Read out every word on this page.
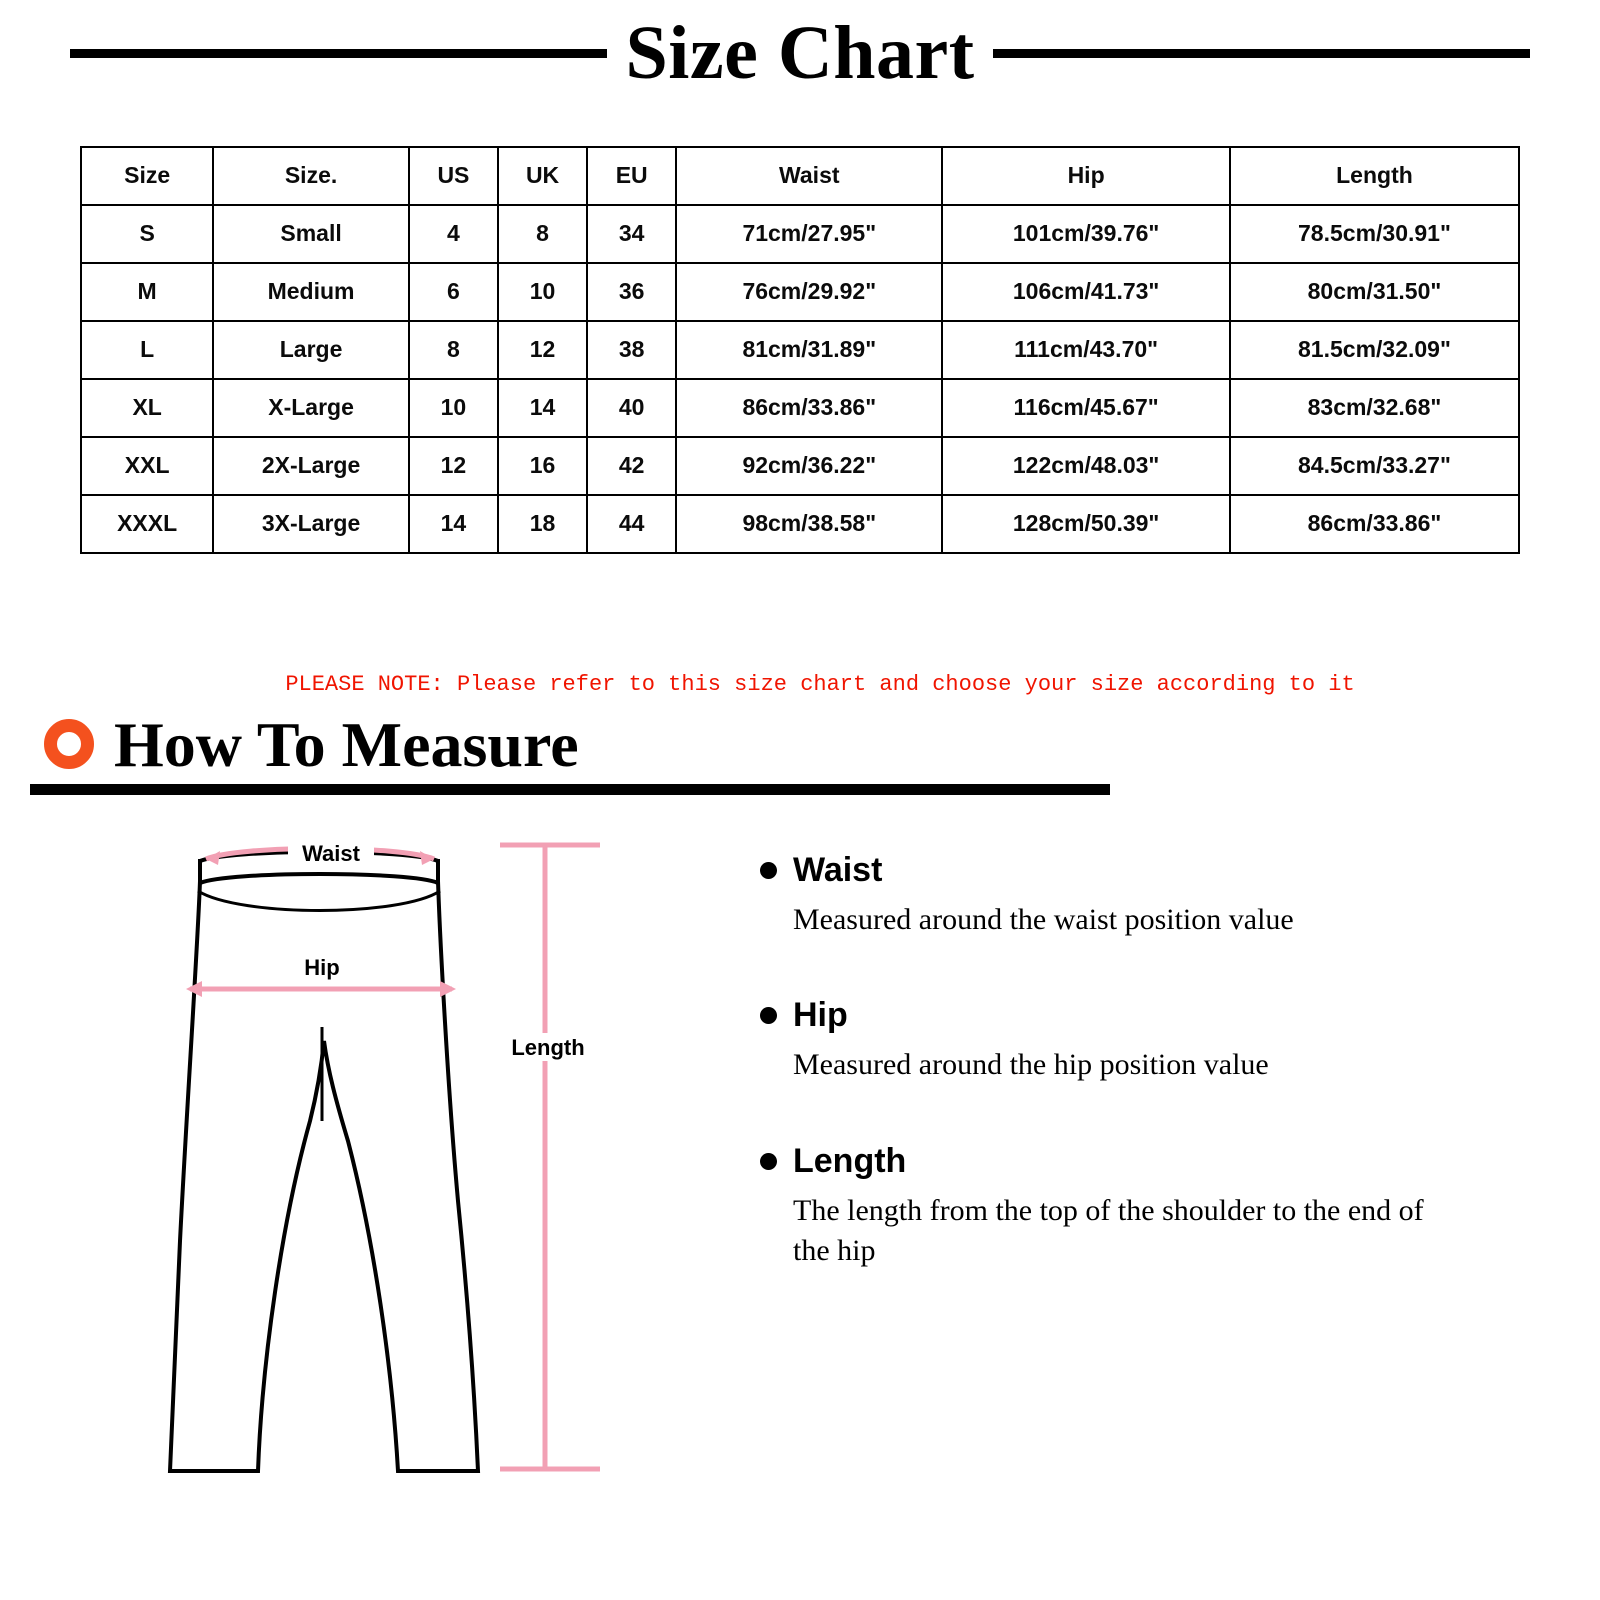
Size Chart
Size	Size.	US	UK	EU	Waist	Hip	Length
S	Small	4	8	34	71cm/27.95"	101cm/39.76"	78.5cm/30.91"
M	Medium	6	10	36	76cm/29.92"	106cm/41.73"	80cm/31.50"
L	Large	8	12	38	81cm/31.89"	111cm/43.70"	81.5cm/32.09"
XL	X-Large	10	14	40	86cm/33.86"	116cm/45.67"	83cm/32.68"
XXL	2X-Large	12	16	42	92cm/36.22"	122cm/48.03"	84.5cm/33.27"
XXXL	3X-Large	14	18	44	98cm/38.58"	128cm/50.39"	86cm/33.86"
PLEASE NOTE: Please refer to this size chart and choose your size according to it
How To Measure
Waist
Hip
Length
Waist
Measured around the waist position value
Hip
Measured around the hip position value
Length
The length from the top of the shoulder to the end of the hip
